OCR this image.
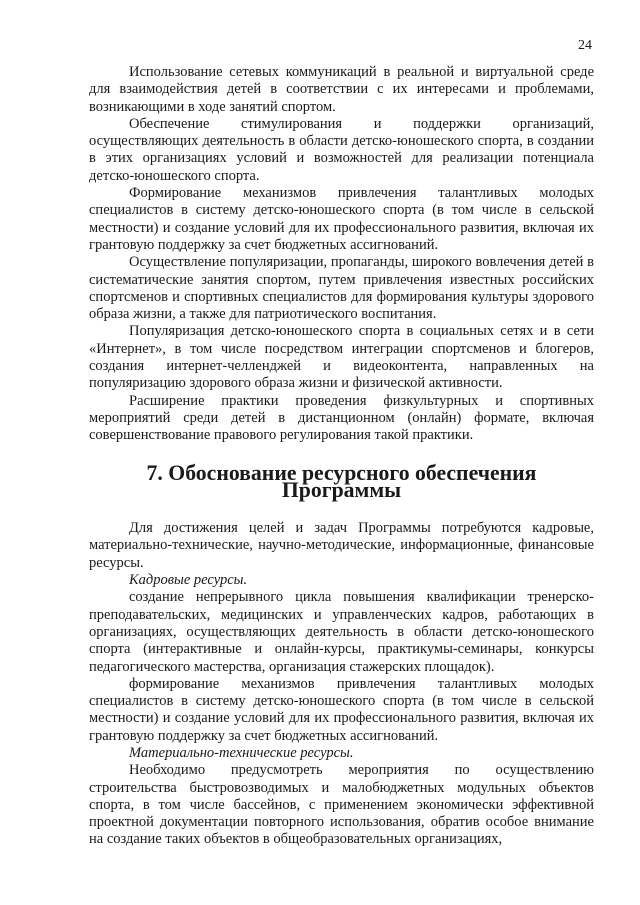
24

Использование сетевых коммуникаций в реальной и виртуальной среде для взаимодействия детей в соответствии с их интересами и проблемами, возникающими в ходе занятий спортом.

Обеспечение стимулирования и поддержки организаций, осуществляющих деятельность в области детско-юношеского спорта, в создании в этих организациях условий и возможностей для реализации потенциала детско-юношеского спорта.

Формирование механизмов привлечения талантливых молодых специалистов в систему детско-юношеского спорта (в том числе в сельской местности) и создание условий для их профессионального развития, включая их грантовую поддержку за счет бюджетных ассигнований.

Осуществление популяризации, пропаганды, широкого вовлечения детей в систематические занятия спортом, путем привлечения известных российских спортсменов и спортивных специалистов для формирования культуры здорового образа жизни, а также для патриотического воспитания.

Популяризация детско-юношеского спорта в социальных сетях и в сети «Интернет», в том числе посредством интеграции спортсменов и блогеров, создания интернет-челленджей и видеоконтента, направленных на популяризацию здорового образа жизни и физической активности.

Расширение практики проведения физкультурных и спортивных мероприятий среди детей в дистанционном (онлайн) формате, включая совершенствование правового регулирования такой практики.

7. Обоснование ресурсного обеспечения Программы

Для достижения целей и задач Программы потребуются кадровые, материально-технические, научно-методические, информационные, финансовые ресурсы.

Кадровые ресурсы.

создание непрерывного цикла повышения квалификации тренерско-преподавательских, медицинских и управленческих кадров, работающих в организациях, осуществляющих деятельность в области детско-юношеского спорта (интерактивные и онлайн-курсы, практикумы-семинары, конкурсы педагогического мастерства, организация стажерских площадок).

формирование механизмов привлечения талантливых молодых специалистов в систему детско-юношеского спорта (в том числе в сельской местности) и создание условий для их профессионального развития, включая их грантовую поддержку за счет бюджетных ассигнований.

Материально-технические ресурсы.

Необходимо предусмотреть мероприятия по осуществлению строительства быстровозводимых и малобюджетных модульных объектов спорта, в том числе бассейнов, с применением экономически эффективной проектной документации повторного использования, обратив особое внимание на создание таких объектов в общеобразовательных организациях,
